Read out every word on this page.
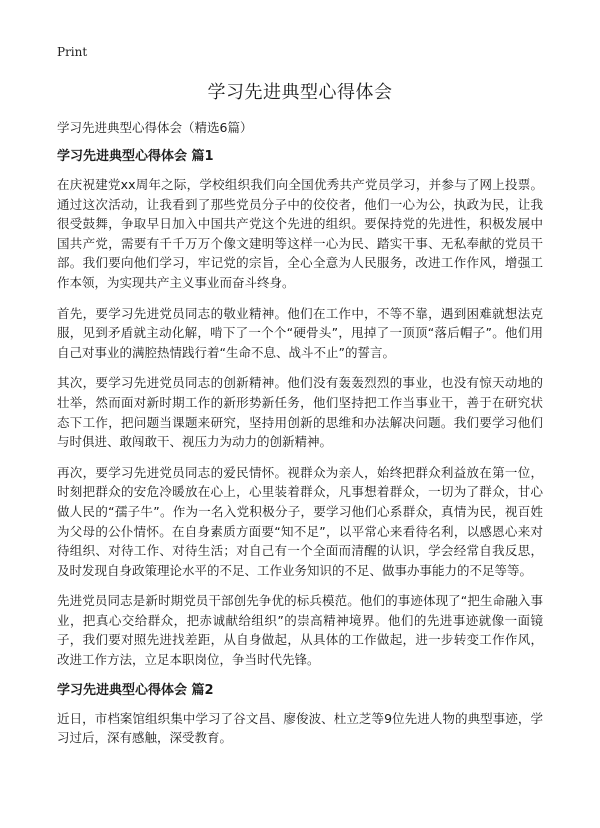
Print
学习先进典型心得体会

学习先进典型心得体会（精选6篇）

学习先进典型心得体会 篇1

在庆祝建党xx周年之际，学校组织我们向全国优秀共产党员学习，并参与了网上投票。通过这次活动，让我看到了那些党员分子中的佼佼者，他们一心为公，执政为民，让我很受鼓舞，争取早日加入中国共产党这个先进的组织。要保持党的先进性，积极发展中国共产党，需要有千千万万个像文建明等这样一心为民、踏实干事、无私奉献的党员干部。我们要向他们学习，牢记党的宗旨，全心全意为人民服务，改进工作作风，增强工作本领，为实现共产主义事业而奋斗终身。

首先，要学习先进党员同志的敬业精神。他们在工作中，不等不靠，遇到困难就想法克服，见到矛盾就主动化解，啃下了一个个“硬骨头”，甩掉了一顶顶“落后帽子”。他们用自己对事业的满腔热情践行着“生命不息、战斗不止”的誓言。

其次，要学习先进党员同志的创新精神。他们没有轰轰烈烈的事业，也没有惊天动地的壮举，然而面对新时期工作的新形势新任务，他们坚持把工作当事业干，善于在研究状态下工作，把问题当课题来研究，坚持用创新的思维和办法解决问题。我们要学习他们与时俱进、敢闯敢干、视压力为动力的创新精神。

再次，要学习先进党员同志的爱民情怀。视群众为亲人，始终把群众利益放在第一位，时刻把群众的安危冷暖放在心上，心里装着群众，凡事想着群众，一切为了群众，甘心做人民的“孺子牛”。作为一名入党积极分子，要学习他们心系群众，真情为民，视百姓为父母的公仆情怀。在自身素质方面要“知不足”，以平常心来看待名利，以感恩心来对待组织、对待工作、对待生活；对自己有一个全面而清醒的认识，学会经常自我反思，及时发现自身政策理论水平的不足、工作业务知识的不足、做事办事能力的不足等等。

先进党员同志是新时期党员干部创先争优的标兵模范。他们的事迹体现了“把生命融入事业，把真心交给群众，把赤诚献给组织”的崇高精神境界。他们的先进事迹就像一面镜子，我们要对照先进找差距，从自身做起，从具体的工作做起，进一步转变工作作风，改进工作方法，立足本职岗位，争当时代先锋。

学习先进典型心得体会 篇2

近日，市档案馆组织集中学习了谷文昌、廖俊波、杜立芝等9位先进人物的典型事迹，学习过后，深有感触，深受教育。
